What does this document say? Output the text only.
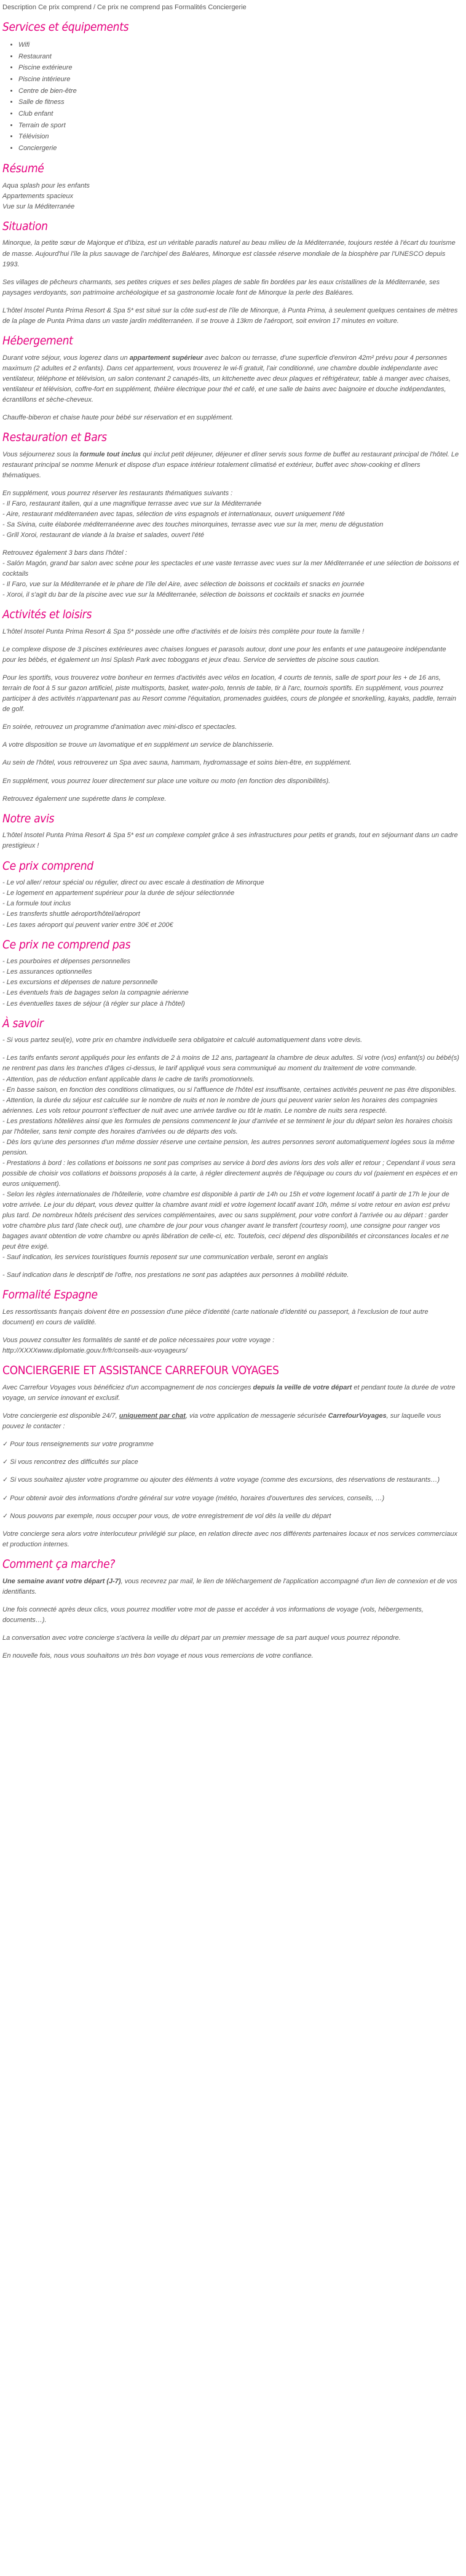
Description Ce prix comprend / Ce prix ne comprend pas Formalités Conciergerie
Services et équipements
• Wifi
• Restaurant
• Piscine extérieure
• Piscine intérieure
• Centre de bien-être
• Salle de fitness
• Club enfant
• Terrain de sport
• Télévision
• Conciergerie
Résumé

Aqua splash pour les enfants
Appartements spacieux
Vue sur la Méditerranée

Situation

Minorque, la petite sœur de Majorque et d'Ibiza, est un véritable paradis naturel au beau milieu de la Méditerranée, toujours restée à l'écart du tourisme de masse. Aujourd'hui l'île la plus sauvage de l'archipel des Baléares, Minorque est classée réserve mondiale de la biosphère par l'UNESCO depuis 1993.

Ses villages de pêcheurs charmants, ses petites criques et ses belles plages de sable fin bordées par les eaux cristallines de la Méditerranée, ses paysages verdoyants, son patrimoine archéologique et sa gastronomie locale font de Minorque la perle des Baléares.

L'hôtel Insotel Punta Prima Resort & Spa 5* est situé sur la côte sud-est de l'île de Minorque, à Punta Prima, à seulement quelques centaines de mètres de la plage de Punta Prima dans un vaste jardin méditerranéen. Il se trouve à 13km de l'aéroport, soit environ 17 minutes en voiture.

Hébergement

Durant votre séjour, vous logerez dans un appartement supérieur avec balcon ou terrasse, d'une superficie d'environ 42m² prévu pour 4 personnes maximum (2 adultes et 2 enfants). Dans cet appartement, vous trouverez le wi-fi gratuit, l'air conditionné, une chambre double indépendante avec ventilateur, téléphone et télévision, un salon contenant 2 canapés-lits, un kitchenette avec deux plaques et réfrigérateur, table à manger avec chaises, ventilateur et télévision, coffre-fort en supplément, théière électrique pour thé et café, et une salle de bains avec baignoire et douche indépendantes, écrantillons et sèche-cheveux.

Chauffe-biberon et chaise haute pour bébé sur réservation et en supplément.

Restauration et Bars

Vous séjournerez sous la formule tout inclus qui inclut petit déjeuner, déjeuner et dîner servis sous forme de buffet au restaurant principal de l'hôtel. Le restaurant principal se nomme Menurk et dispose d'un espace intérieur totalement climatisé et extérieur, buffet avec show-cooking et dîners thématiques.

En supplément, vous pourrez réserver les restaurants thématiques suivants :
- Il Faro, restaurant italien, qui a une magnifique terrasse avec vue sur la Méditerranée
- Aire, restaurant méditerranéen avec tapas, sélection de vins espagnols et internationaux, ouvert uniquement l'été
- Sa Sivina, cuite élaborée méditerranéenne avec des touches minorquines, terrasse avec vue sur la mer, menu de dégustation
- Grill Xoroi, restaurant de viande à la braise et salades, ouvert l'été

Retrouvez également 3 bars dans l'hôtel :
- Salón Magón, grand bar salon avec scène pour les spectacles et une vaste terrasse avec vues sur la mer Méditerranée et une sélection de boissons et cocktails
- Il Faro, vue sur la Méditerranée et le phare de l'île del Aire, avec sélection de boissons et cocktails et snacks en journée
- Xoroi, il s'agit du bar de la piscine avec vue sur la Méditerranée, sélection de boissons et cocktails et snacks en journée

Activités et loisirs

L'hôtel Insotel Punta Prima Resort & Spa 5* possède une offre d'activités et de loisirs très complète pour toute la famille !

Le complexe dispose de 3 piscines extérieures avec chaises longues et parasols autour, dont une pour les enfants et une pataugeoire indépendante pour les bébés, et également un Insi Splash Park avec toboggans et jeux d'eau. Service de serviettes de piscine sous caution.

Pour les sportifs, vous trouverez votre bonheur en termes d'activités avec vélos en location, 4 courts de tennis, salle de sport pour les + de 16 ans, terrain de foot à 5 sur gazon artificiel, piste multisports, basket, water-polo, tennis de table, tir à l'arc, tournois sportifs. En supplément, vous pourrez participer à des activités n'appartenant pas au Resort comme l'équitation, promenades guidées, cours de plongée et snorkelling, kayaks, paddle, terrain de golf.

En soirée, retrouvez un programme d'animation avec mini-disco et spectacles.

A votre disposition se trouve un lavomatique et en supplément un service de blanchisserie.

Au sein de l'hôtel, vous retrouverez un Spa avec sauna, hammam, hydromassage et soins bien-être, en supplément.

En supplément, vous pourrez louer directement sur place une voiture ou moto (en fonction des disponibilités).

Retrouvez également une supérette dans le complexe.

Notre avis

L'hôtel Insotel Punta Prima Resort & Spa 5* est un complexe complet grâce à ses infrastructures pour petits et grands, tout en séjournant dans un cadre prestigieux !

Ce prix comprend

- Le vol aller/ retour spécial ou régulier, direct ou avec escale à destination de Minorque
- Le logement en appartement supérieur pour la durée de séjour sélectionnée
- La formule tout inclus
- Les transferts shuttle aéroport/hôtel/aéroport
- Les taxes aéroport qui peuvent varier entre 30€ et 200€

Ce prix ne comprend pas

- Les pourboires et dépenses personnelles
- Les assurances optionnelles
- Les excursions et dépenses de nature personnelle
- Les éventuels frais de bagages selon la compagnie aérienne
- Les éventuelles taxes de séjour (à régler sur place à l'hôtel)

À savoir

- Si vous partez seul(e), votre prix en chambre individuelle sera obligatoire et calculé automatiquement dans votre devis.

- Les tarifs enfants seront appliqués pour les enfants de 2 à moins de 12 ans, partageant la chambre de deux adultes. Si votre (vos) enfant(s) ou bébé(s) ne rentrent pas dans les tranches d'âges ci-dessus, le tarif appliqué vous sera communiqué au moment du traitement de votre commande.
- Attention, pas de réduction enfant applicable dans le cadre de tarifs promotionnels.
- En basse saison, en fonction des conditions climatiques, ou si l'affluence de l'hôtel est insuffisante, certaines activités peuvent ne pas être disponibles.
- Attention, la durée du séjour est calculée sur le nombre de nuits et non le nombre de jours qui peuvent varier selon les horaires des compagnies aériennes. Les vols retour pourront s'effectuer de nuit avec une arrivée tardive ou tôt le matin. Le nombre de nuits sera respecté.
- Les prestations hôtelières ainsi que les formules de pensions commencent le jour d'arrivée et se terminent le jour du départ selon les horaires choisis par l'hôtelier, sans tenir compte des horaires d'arrivées ou de départs des vols.
- Dès lors qu'une des personnes d'un même dossier réserve une certaine pension, les autres personnes seront automatiquement logées sous la même pension.
- Prestations à bord : les collations et boissons ne sont pas comprises au service à bord des avions lors des vols aller et retour ; Cependant il vous sera possible de choisir vos collations et boissons proposés à la carte, à régler directement auprès de l'équipage ou cours du vol (paiement en espèces et en euros uniquement).
- Selon les règles internationales de l'hôtellerie, votre chambre est disponible à partir de 14h ou 15h et votre logement locatif à partir de 17h le jour de votre arrivée. Le jour du départ, vous devez quitter la chambre avant midi et votre logement locatif avant 10h, même si votre retour en avion est prévu plus tard. De nombreux hôtels précisent des services complémentaires, avec ou sans supplément, pour votre confort à l'arrivée ou au départ : garder votre chambre plus tard (late check out), une chambre de jour pour vous changer avant le transfert (courtesy room), une consigne pour ranger vos bagages avant obtention de votre chambre ou après libération de celle-ci, etc. Toutefois, ceci dépend des disponibilités et circonstances locales et ne peut être exigé.
- Sauf indication, les services touristiques fournis reposent sur une communication verbale, seront en anglais

- Sauf indication dans le descriptif de l'offre, nos prestations ne sont pas adaptées aux personnes à mobilité réduite.

Formalité Espagne

Les ressortissants français doivent être en possession d'une pièce d'identité (carte nationale d'identité ou passeport, à l'exclusion de tout autre document) en cours de validité.

Vous pouvez consulter les formalités de santé et de police nécessaires pour votre voyage :
http://XXXXwww.diplomatie.gouv.fr/fr/conseils-aux-voyageurs/

CONCIERGERIE ET ASSISTANCE CARREFOUR VOYAGES

Avec Carrefour Voyages vous bénéficiez d'un accompagnement de nos concierges depuis la veille de votre départ et pendant toute la durée de votre voyage, un service innovant et exclusif.

Votre conciergerie est disponible 24/7, uniquement par chat, via votre application de messagerie sécurisée CarrefourVoyages, sur laquelle vous pouvez le contacter :

✓ Pour tous renseignements sur votre programme

✓ Si vous rencontrez des difficultés sur place

✓ Si vous souhaitez ajuster votre programme ou ajouter des éléments à votre voyage (comme des excursions, des réservations de restaurants…)

✓ Pour obtenir avoir des informations d'ordre général sur votre voyage (météo, horaires d'ouvertures des services, conseils, …)

✓ Nous pouvons par exemple, nous occuper pour vous, de votre enregistrement de vol dès la veille du départ

Votre concierge sera alors votre interlocuteur privilégié sur place, en relation directe avec nos différents partenaires locaux et nos services commerciaux et production internes.

Comment ça marche?

Une semaine avant votre départ (J-7), vous recevrez par mail, le lien de téléchargement de l'application accompagné d'un lien de connexion et de vos identifiants.

Une fois connecté après deux clics, vous pourrez modifier votre mot de passe et accéder à vos informations de voyage (vols, hébergements, documents…).

La conversation avec votre concierge s'activera la veille du départ par un premier message de sa part auquel vous pourrez répondre.

En nouvelle fois, nous vous souhaitons un très bon voyage et nous vous remercions de votre confiance.
